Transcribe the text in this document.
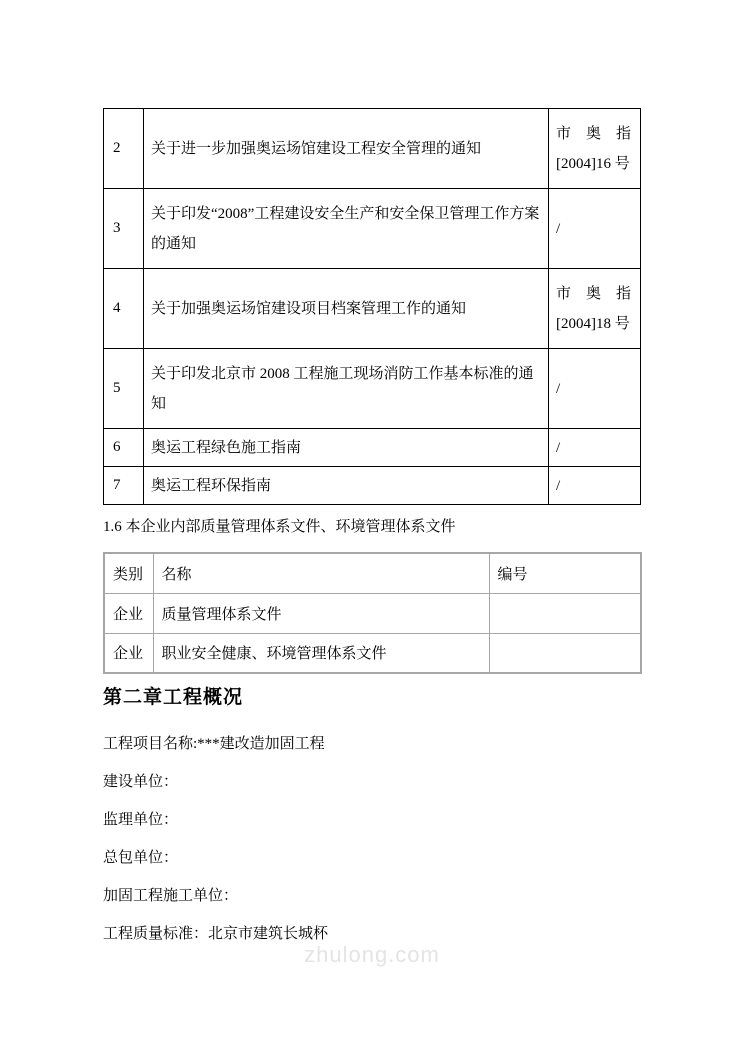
2	关于进一步加强奥运场馆建设工程安全管理的通知	市　奥　指
[2004]16 号

3	关于印发“2008”工程建设安全生产和安全保卫管理工作方案的通知	/

4	关于加强奥运场馆建设项目档案管理工作的通知	市　奥　指
[2004]18 号

5	关于印发北京市 2008 工程施工现场消防工作基本标准的通知	/

6	奥运工程绿色施工指南	/

7	奥运工程环保指南	/

1.6 本企业内部质量管理体系文件、环境管理体系文件

类别	名称	编号
企业	质量管理体系文件	
企业	职业安全健康、环境管理体系文件	
第二章工程概况

工程项目名称:***建改造加固工程

建设单位：

监理单位：

总包单位：

加固工程施工单位：

工程质量标准：北京市建筑长城杯

zhulong.com
